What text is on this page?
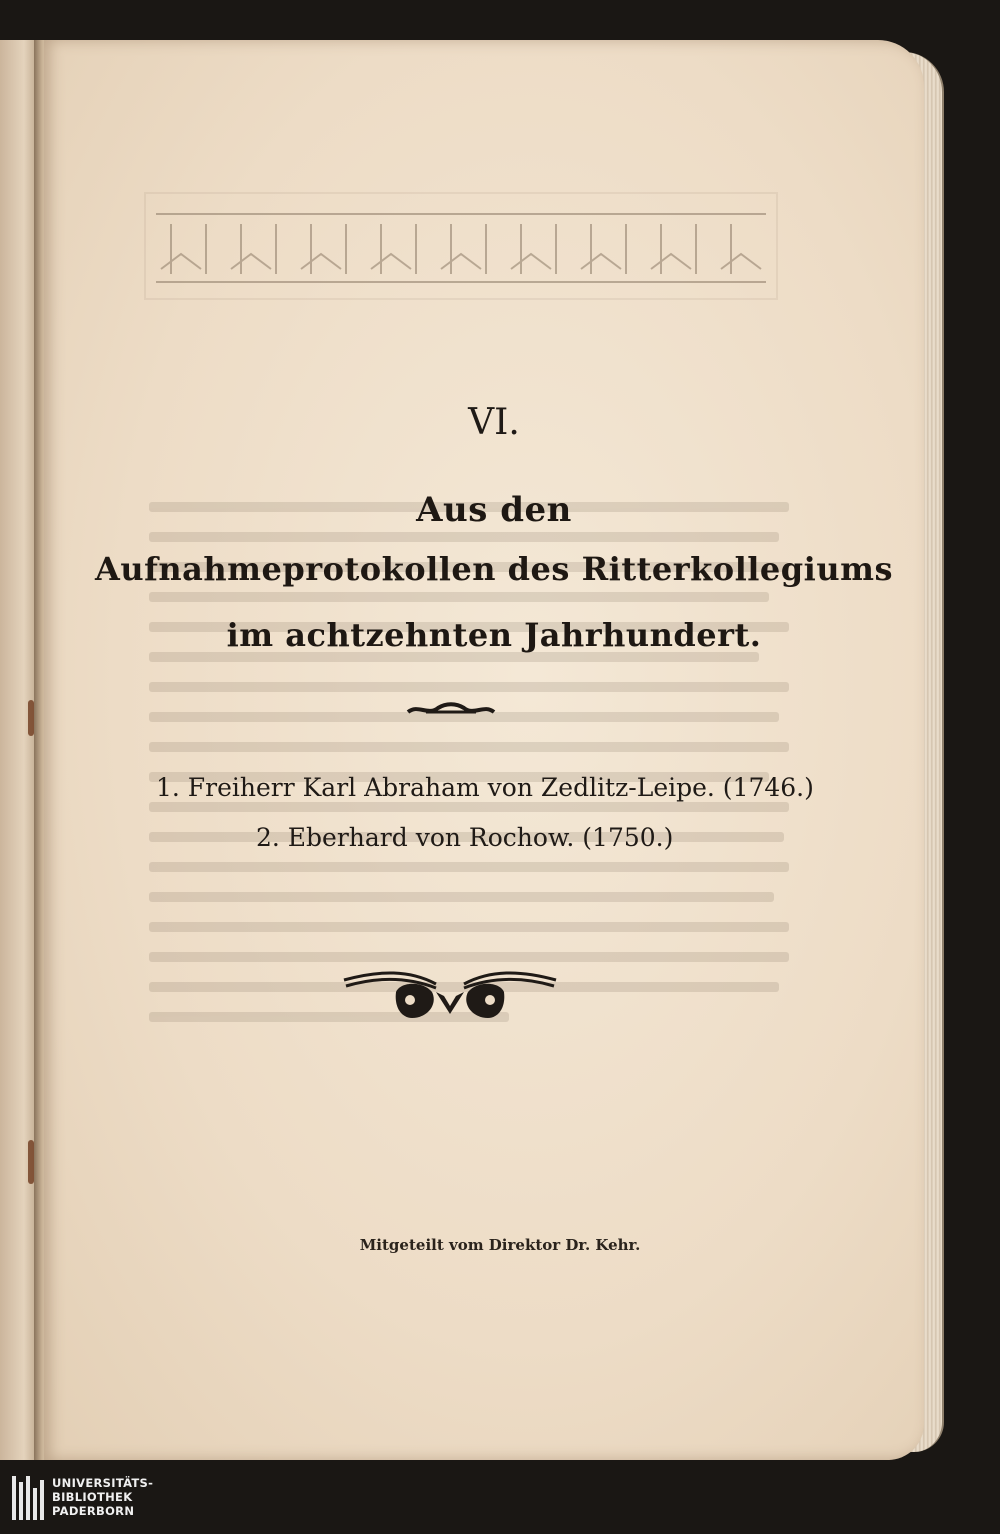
VI.
Aus den
Aufnahmeprotokollen des Ritterkollegiums
im achtzehnten Jahrhundert.
1. Freiherr Karl Abraham von Zedlitz-Leipe. (1746.)
2. Eberhard von Rochow. (1750.)
Mitgeteilt vom Direktor Dr. Kehr.
UNIVERSITÄTS-
BIBLIOTHEK
PADERBORN
